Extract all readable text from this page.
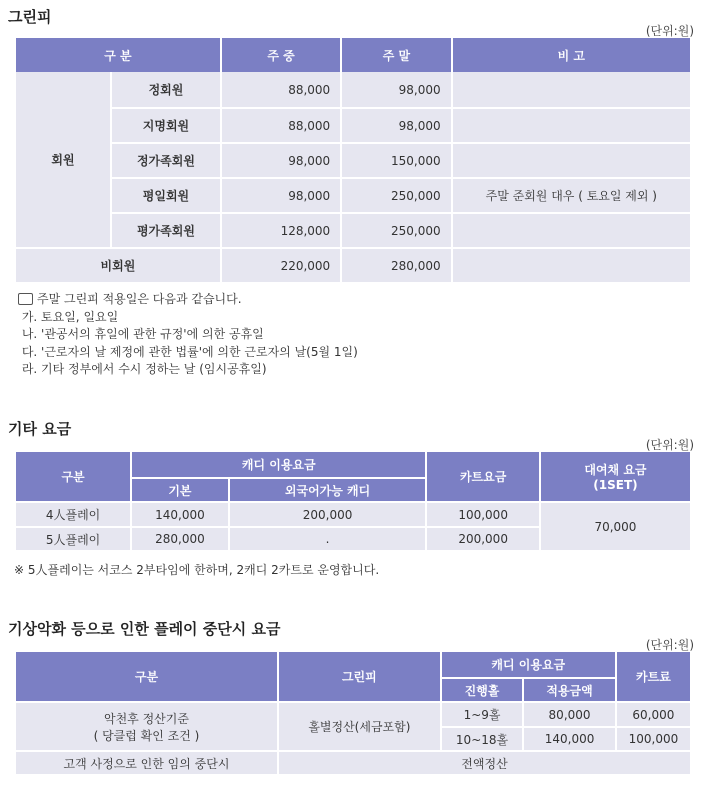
그린피
(단위:원)
구 분		주 중	주 말	비 고
회원	정회원	88,000	98,000	
	지명회원	88,000	98,000	
	정가족회원	98,000	150,000	
	평일회원	98,000	250,000	주말 준회원 대우 ( 토요일 제외 )
	평가족회원	128,000	250,000	
비회원		220,000	280,000	
주말 그린피 적용일은 다음과 같습니다.
가. 토요일, 일요일
나. '관공서의 휴일에 관한 규정'에 의한 공휴일
다. '근로자의 날 제정에 관한 법률'에 의한 근로자의 날(5월 1일)
라. 기타 정부에서 수시 정하는 날 (임시공휴일)
기타 요금
(단위:원)
구분	캐디 이용요금		카트요금	대여채 요금
(1SET)

	기본	외국어가능 캐디		
4人플레이	140,000	200,000	100,000	70,000
5人플레이	280,000	.	200,000	
※ 5人플레이는 서코스 2부타임에 한하며, 2캐디 2카트로 운영합니다.
기상악화 등으로 인한 플레이 중단시 요금
(단위:원)
구분	그린피	캐디 이용요금		카트료
		진행홀	적용금액	

악천후 정산기준
( 당클럽 확인 조건 )	홀별정산(세금포함)	1~9홀	80,000	60,000
		10~18홀	140,000	100,000
고객 사정으로 인한 임의 중단시	전액정산			
